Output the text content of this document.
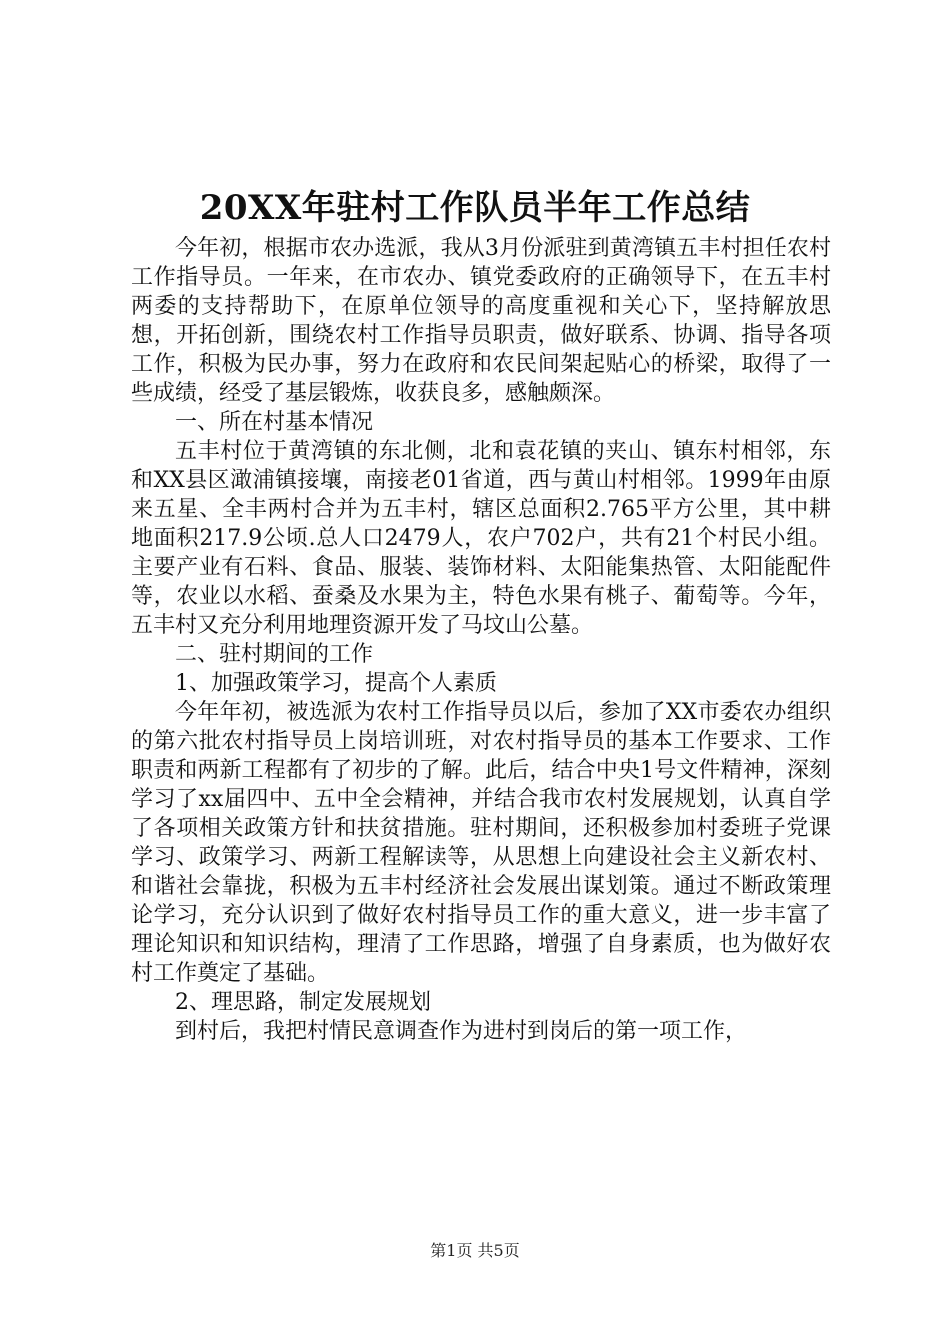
20XX年驻村工作队员半年工作总结

今年初，根据市农办选派，我从3月份派驻到黄湾镇五丰村担任农村工作指导员。一年来，在市农办、镇党委政府的正确领导下，在五丰村两委的支持帮助下，在原单位领导的高度重视和关心下，坚持解放思想，开拓创新，围绕农村工作指导员职责，做好联系、协调、指导各项工作，积极为民办事，努力在政府和农民间架起贴心的桥梁，取得了一些成绩，经受了基层锻炼，收获良多，感触颇深。

一、所在村基本情况

五丰村位于黄湾镇的东北侧，北和袁花镇的夹山、镇东村相邻，东和XX县区澉浦镇接壤，南接老01省道，西与黄山村相邻。1999年由原来五星、全丰两村合并为五丰村，辖区总面积2.765平方公里，其中耕地面积217.9公顷.总人口2479人，农户702户，共有21个村民小组。主要产业有石料、食品、服装、装饰材料、太阳能集热管、太阳能配件等，农业以水稻、蚕桑及水果为主，特色水果有桃子、葡萄等。今年，五丰村又充分利用地理资源开发了马坟山公墓。

二、驻村期间的工作

1、加强政策学习，提高个人素质

今年年初，被选派为农村工作指导员以后，参加了XX市委农办组织的第六批农村指导员上岗培训班，对农村指导员的基本工作要求、工作职责和两新工程都有了初步的了解。此后，结合中央1号文件精神，深刻学习了xx届四中、五中全会精神，并结合我市农村发展规划，认真自学了各项相关政策方针和扶贫措施。驻村期间，还积极参加村委班子党课学习、政策学习、两新工程解读等，从思想上向建设社会主义新农村、和谐社会靠拢，积极为五丰村经济社会发展出谋划策。通过不断政策理论学习，充分认识到了做好农村指导员工作的重大意义，进一步丰富了理论知识和知识结构，理清了工作思路，增强了自身素质，也为做好农村工作奠定了基础。

2、理思路，制定发展规划

到村后，我把村情民意调查作为进村到岗后的第一项工作，

第1页 共5页
